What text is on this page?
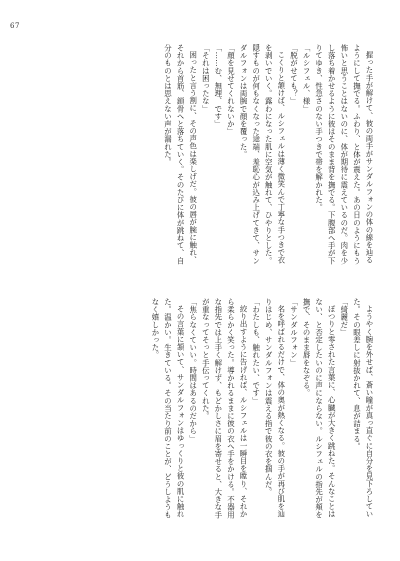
67

握った手が解けて、彼の両手がサンダルフォンの体の線を辿るようにして撫でる。ふわり、と体が震えた。あの日のようにもう怖いと思うことはないのに、体が期待に震えているのだ。肉を少し落ち着かせるように彼はそのまま背を撫でる。下腹部へ手が下りてゆき、性急さのない手つきで帯を解かれた。

「ルシフェル、様」

「脱がせても？」

こくりと頷けば、ルシフェルは薄く微笑んで丁寧な手つきで衣を剥いでいく。露わになった肌に空気が触れて、ひやりとした。隠すものが何もなくなった途端、羞恥心が込み上げてきて、サンダルフォンは両腕で顔を覆った。

「顔を見せてくれないか」

「……む、無理、です」

「それは困ったな」

困ったと言う割に、その声色は楽しげだ。彼の唇が腕に触れ、それから首筋、鎖骨へと落ちていく。そのたびに体が跳ねて、自分のものとは思えない声が漏れた。

ようやく腕を外せば、蒼い瞳が真っ直ぐに自分を見下ろしていた。その眼差しに射抜かれて、息が詰まる。

「綺麗だ」

ぽつりと零された言葉に、心臓が大きく跳ねた。そんなことはない、と否定したいのに声にならない。ルシフェルの指先が頬を撫で、そのまま唇をなぞる。

「サンダルフォン」

名を呼ばれるだけで、体の奥が熱くなる。彼の手が再び肌を辿りはじめ、サンダルフォンは震える指で彼の衣を掴んだ。

「わたしも、触れたい、です」

絞り出すように告げれば、ルシフェルは一瞬目を瞠り、それから柔らかく笑った。導かれるままに彼の衣へ手をかける。不器用な指先では上手く解けず、もどかしさに眉を寄せると、大きな手が重なってそっと手伝ってくれた。

「焦らなくていい。時間はあるのだから」

その言葉に頷いて、サンダルフォンはゆっくりと彼の肌に触れた。温かい。生きている。その当たり前のことが、どうしようもなく嬉しかった。
